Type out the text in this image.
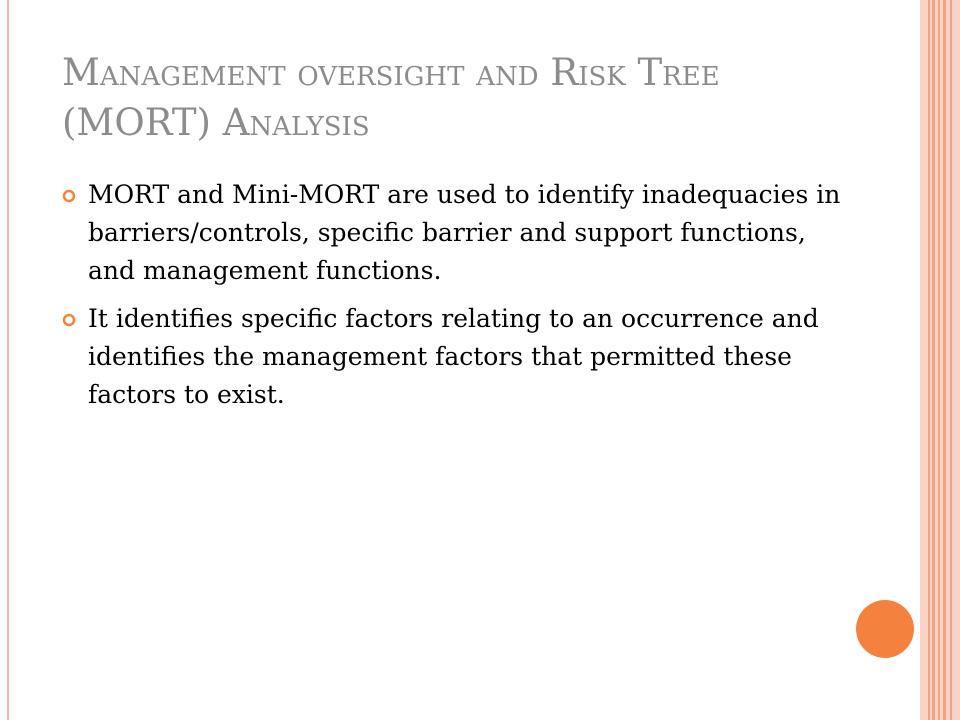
Management oversight and Risk Tree
(MORT) Analysis
MORT and Mini-MORT are used to identify inadequacies in barriers/controls, specific barrier and support functions, and management functions.
It identifies specific factors relating to an occurrence and identifies the management factors that permitted these factors to exist.
